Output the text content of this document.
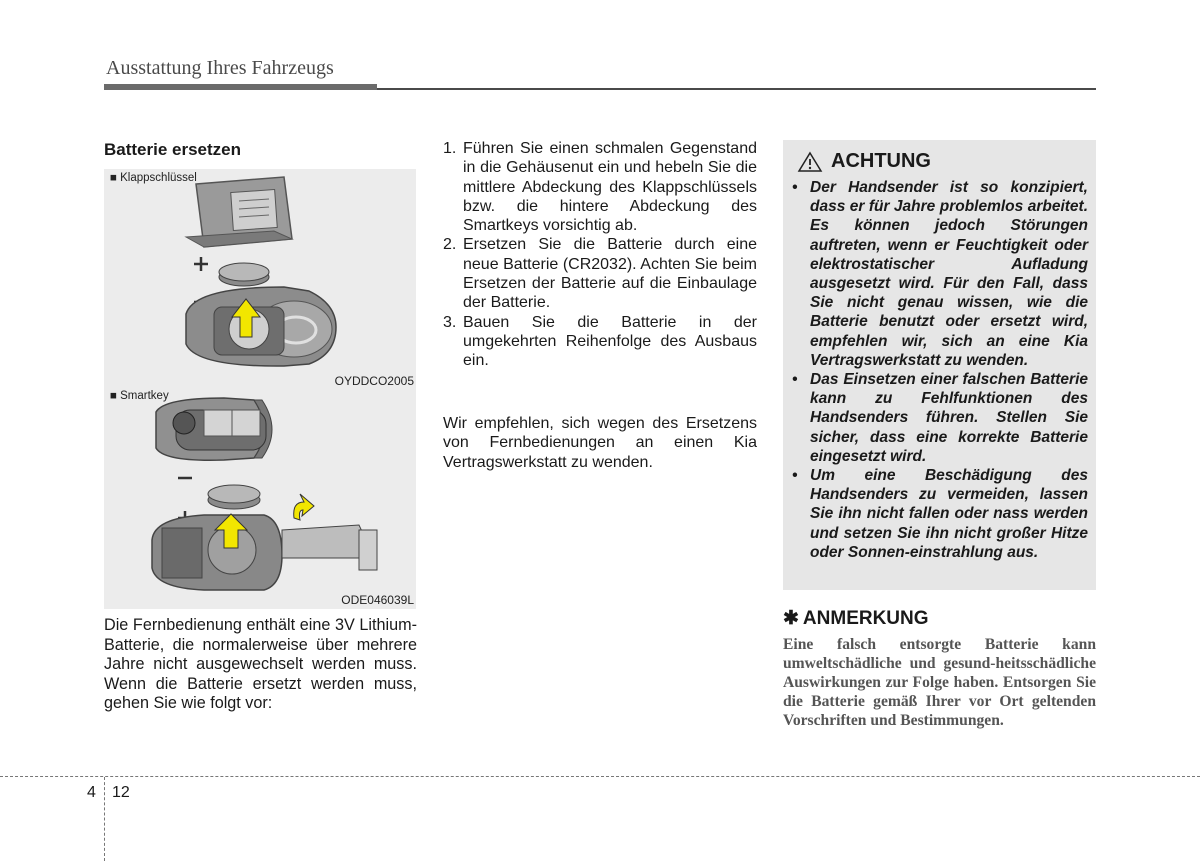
Ausstattung Ihres Fahrzeugs
Batterie ersetzen
■ Klappschlüssel
OYDDCO2005
■ Smartkey
ODE046039L
Die Fernbedienung enthält eine 3V Lithium-Batterie, die normalerweise über mehrere Jahre nicht ausgewechselt werden muss. Wenn die Batterie ersetzt werden muss, gehen Sie wie folgt vor:
1. Führen Sie einen schmalen Gegenstand in die Gehäusenut ein und hebeln Sie die mittlere Abdeckung des Klappschlüssels bzw. die hintere Abdeckung des Smartkeys vorsichtig ab.
2. Ersetzen Sie die Batterie durch eine neue Batterie (CR2032). Achten Sie beim Ersetzen der Batterie auf die Einbaulage der Batterie.
3. Bauen Sie die Batterie in der umgekehrten Reihenfolge des Ausbaus ein.
Wir empfehlen, sich wegen des Ersetzens von Fernbedienungen an einen Kia Vertragswerkstatt zu wenden.
ACHTUNG
• Der Handsender ist so konzipiert, dass er für Jahre problemlos arbeitet. Es können jedoch Störungen auftreten, wenn er Feuchtigkeit oder elektrostatischer Aufladung ausgesetzt wird. Für den Fall, dass Sie nicht genau wissen, wie die Batterie benutzt oder ersetzt wird, empfehlen wir, sich an eine Kia Vertragswerkstatt zu wenden.
• Das Einsetzen einer falschen Batterie kann zu Fehlfunktionen des Handsenders führen. Stellen Sie sicher, dass eine korrekte Batterie eingesetzt wird.
• Um eine Beschädigung des Handsenders zu vermeiden, lassen Sie ihn nicht fallen oder nass werden und setzen Sie ihn nicht großer Hitze oder Sonnen-einstrahlung aus.
✱ ANMERKUNG
Eine falsch entsorgte Batterie kann umweltschädliche und gesund-heitsschädliche Auswirkungen zur Folge haben. Entsorgen Sie die Batterie gemäß Ihrer vor Ort geltenden Vorschriften und Bestimmungen.
4 12
